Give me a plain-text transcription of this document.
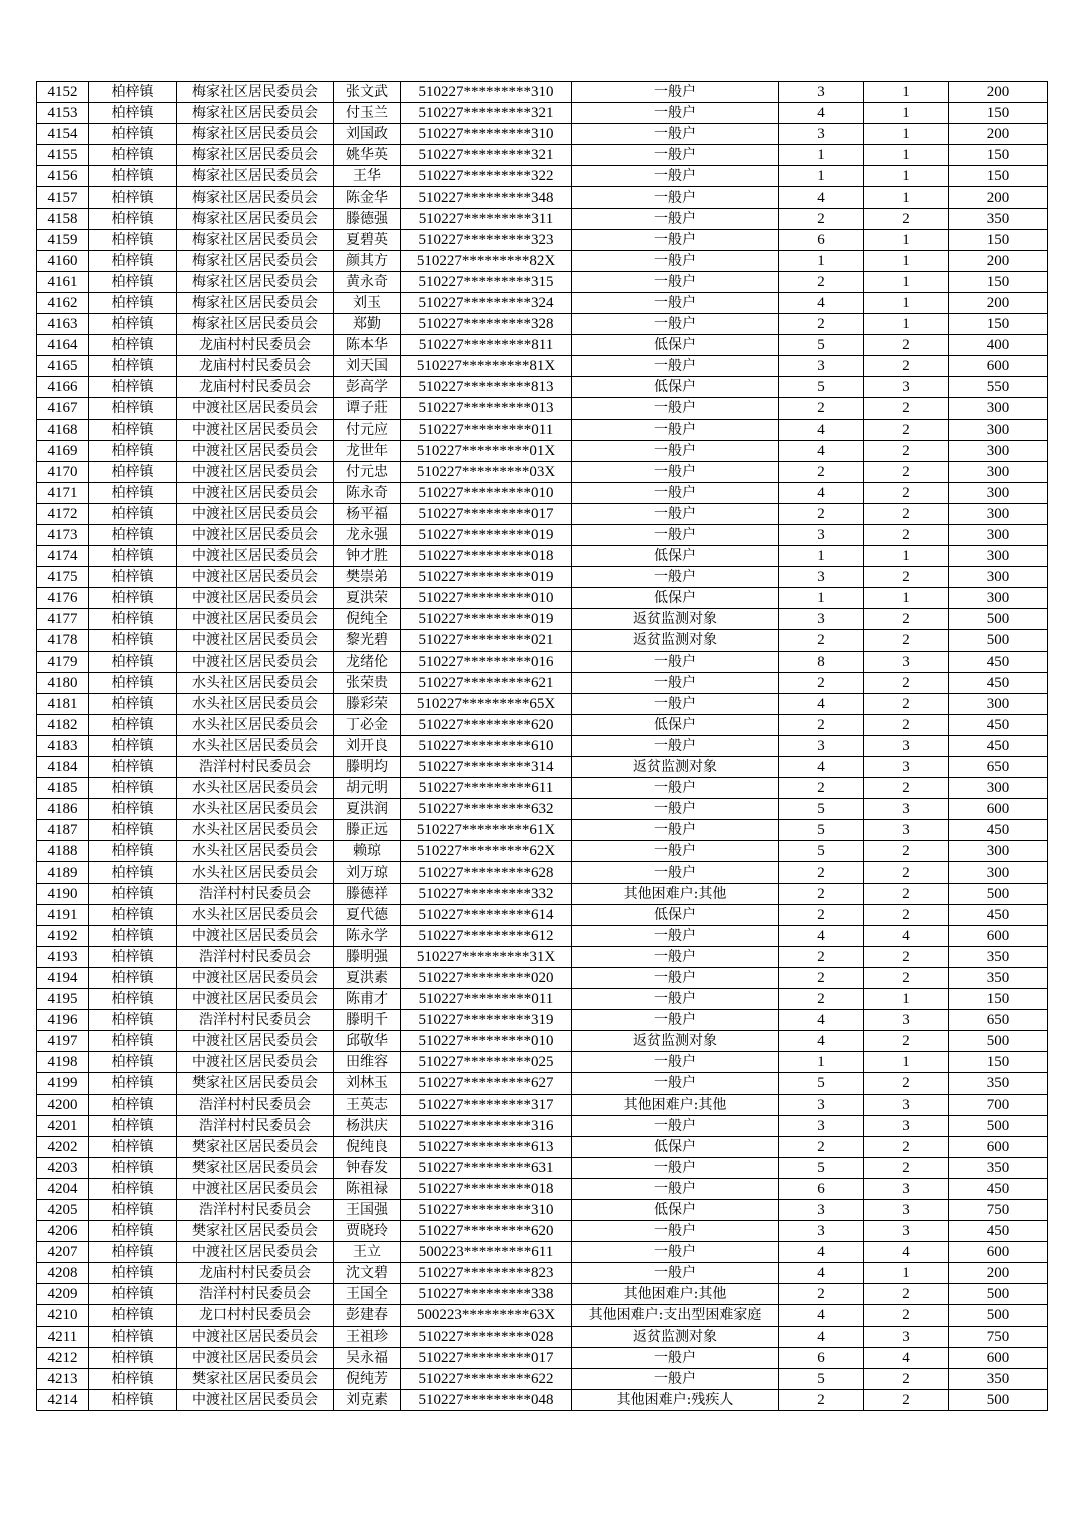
4152	柏梓镇	梅家社区居民委员会	张文武	510227*********310	一般户	3	1	200
4153	柏梓镇	梅家社区居民委员会	付玉兰	510227*********321	一般户	4	1	150
4154	柏梓镇	梅家社区居民委员会	刘国政	510227*********310	一般户	3	1	200
4155	柏梓镇	梅家社区居民委员会	姚华英	510227*********321	一般户	1	1	150
4156	柏梓镇	梅家社区居民委员会	王华	510227*********322	一般户	1	1	150
4157	柏梓镇	梅家社区居民委员会	陈金华	510227*********348	一般户	4	1	200
4158	柏梓镇	梅家社区居民委员会	滕德强	510227*********311	一般户	2	2	350
4159	柏梓镇	梅家社区居民委员会	夏碧英	510227*********323	一般户	6	1	150
4160	柏梓镇	梅家社区居民委员会	颜其方	510227*********82X	一般户	1	1	200
4161	柏梓镇	梅家社区居民委员会	黄永奇	510227*********315	一般户	2	1	150
4162	柏梓镇	梅家社区居民委员会	刘玉	510227*********324	一般户	4	1	200
4163	柏梓镇	梅家社区居民委员会	郑勤	510227*********328	一般户	2	1	150
4164	柏梓镇	龙庙村村民委员会	陈本华	510227*********811	低保户	5	2	400
4165	柏梓镇	龙庙村村民委员会	刘天国	510227*********81X	一般户	3	2	600
4166	柏梓镇	龙庙村村民委员会	彭高学	510227*********813	低保户	5	3	550
4167	柏梓镇	中渡社区居民委员会	谭子莊	510227*********013	一般户	2	2	300
4168	柏梓镇	中渡社区居民委员会	付元应	510227*********011	一般户	4	2	300
4169	柏梓镇	中渡社区居民委员会	龙世年	510227*********01X	一般户	4	2	300
4170	柏梓镇	中渡社区居民委员会	付元忠	510227*********03X	一般户	2	2	300
4171	柏梓镇	中渡社区居民委员会	陈永奇	510227*********010	一般户	4	2	300
4172	柏梓镇	中渡社区居民委员会	杨平福	510227*********017	一般户	2	2	300
4173	柏梓镇	中渡社区居民委员会	龙永强	510227*********019	一般户	3	2	300
4174	柏梓镇	中渡社区居民委员会	钟才胜	510227*********018	低保户	1	1	300
4175	柏梓镇	中渡社区居民委员会	樊崇弟	510227*********019	一般户	3	2	300
4176	柏梓镇	中渡社区居民委员会	夏洪荣	510227*********010	低保户	1	1	300
4177	柏梓镇	中渡社区居民委员会	倪纯全	510227*********019	返贫监测对象	3	2	500
4178	柏梓镇	中渡社区居民委员会	黎光碧	510227*********021	返贫监测对象	2	2	500
4179	柏梓镇	中渡社区居民委员会	龙绪伦	510227*********016	一般户	8	3	450
4180	柏梓镇	水头社区居民委员会	张荣贵	510227*********621	一般户	2	2	450
4181	柏梓镇	水头社区居民委员会	滕彩荣	510227*********65X	一般户	4	2	300
4182	柏梓镇	水头社区居民委员会	丁必金	510227*********620	低保户	2	2	450
4183	柏梓镇	水头社区居民委员会	刘开良	510227*********610	一般户	3	3	450
4184	柏梓镇	浩洋村村民委员会	滕明均	510227*********314	返贫监测对象	4	3	650
4185	柏梓镇	水头社区居民委员会	胡元明	510227*********611	一般户	2	2	300
4186	柏梓镇	水头社区居民委员会	夏洪润	510227*********632	一般户	5	3	600
4187	柏梓镇	水头社区居民委员会	滕正远	510227*********61X	一般户	5	3	450
4188	柏梓镇	水头社区居民委员会	赖琼	510227*********62X	一般户	5	2	300
4189	柏梓镇	水头社区居民委员会	刘万琼	510227*********628	一般户	2	2	300
4190	柏梓镇	浩洋村村民委员会	滕德祥	510227*********332	其他困难户:其他	2	2	500
4191	柏梓镇	水头社区居民委员会	夏代德	510227*********614	低保户	2	2	450
4192	柏梓镇	中渡社区居民委员会	陈永学	510227*********612	一般户	4	4	600
4193	柏梓镇	浩洋村村民委员会	滕明强	510227*********31X	一般户	2	2	350
4194	柏梓镇	中渡社区居民委员会	夏洪素	510227*********020	一般户	2	2	350
4195	柏梓镇	中渡社区居民委员会	陈甫才	510227*********011	一般户	2	1	150
4196	柏梓镇	浩洋村村民委员会	滕明千	510227*********319	一般户	4	3	650
4197	柏梓镇	中渡社区居民委员会	邱敬华	510227*********010	返贫监测对象	4	2	500
4198	柏梓镇	中渡社区居民委员会	田维容	510227*********025	一般户	1	1	150
4199	柏梓镇	樊家社区居民委员会	刘林玉	510227*********627	一般户	5	2	350
4200	柏梓镇	浩洋村村民委员会	王英志	510227*********317	其他困难户:其他	3	3	700
4201	柏梓镇	浩洋村村民委员会	杨洪庆	510227*********316	一般户	3	3	500
4202	柏梓镇	樊家社区居民委员会	倪纯良	510227*********613	低保户	2	2	600
4203	柏梓镇	樊家社区居民委员会	钟春发	510227*********631	一般户	5	2	350
4204	柏梓镇	中渡社区居民委员会	陈祖禄	510227*********018	一般户	6	3	450
4205	柏梓镇	浩洋村村民委员会	王国强	510227*********310	低保户	3	3	750
4206	柏梓镇	樊家社区居民委员会	贾晓玲	510227*********620	一般户	3	3	450
4207	柏梓镇	中渡社区居民委员会	王立	500223*********611	一般户	4	4	600
4208	柏梓镇	龙庙村村民委员会	沈文碧	510227*********823	一般户	4	1	200
4209	柏梓镇	浩洋村村民委员会	王国全	510227*********338	其他困难户:其他	2	2	500
4210	柏梓镇	龙口村村民委员会	彭建春	500223*********63X	其他困难户:支出型困难家庭	4	2	500
4211	柏梓镇	中渡社区居民委员会	王祖珍	510227*********028	返贫监测对象	4	3	750
4212	柏梓镇	中渡社区居民委员会	吴永福	510227*********017	一般户	6	4	600
4213	柏梓镇	樊家社区居民委员会	倪纯芳	510227*********622	一般户	5	2	350
4214	柏梓镇	中渡社区居民委员会	刘克素	510227*********048	其他困难户:残疾人	2	2	500
